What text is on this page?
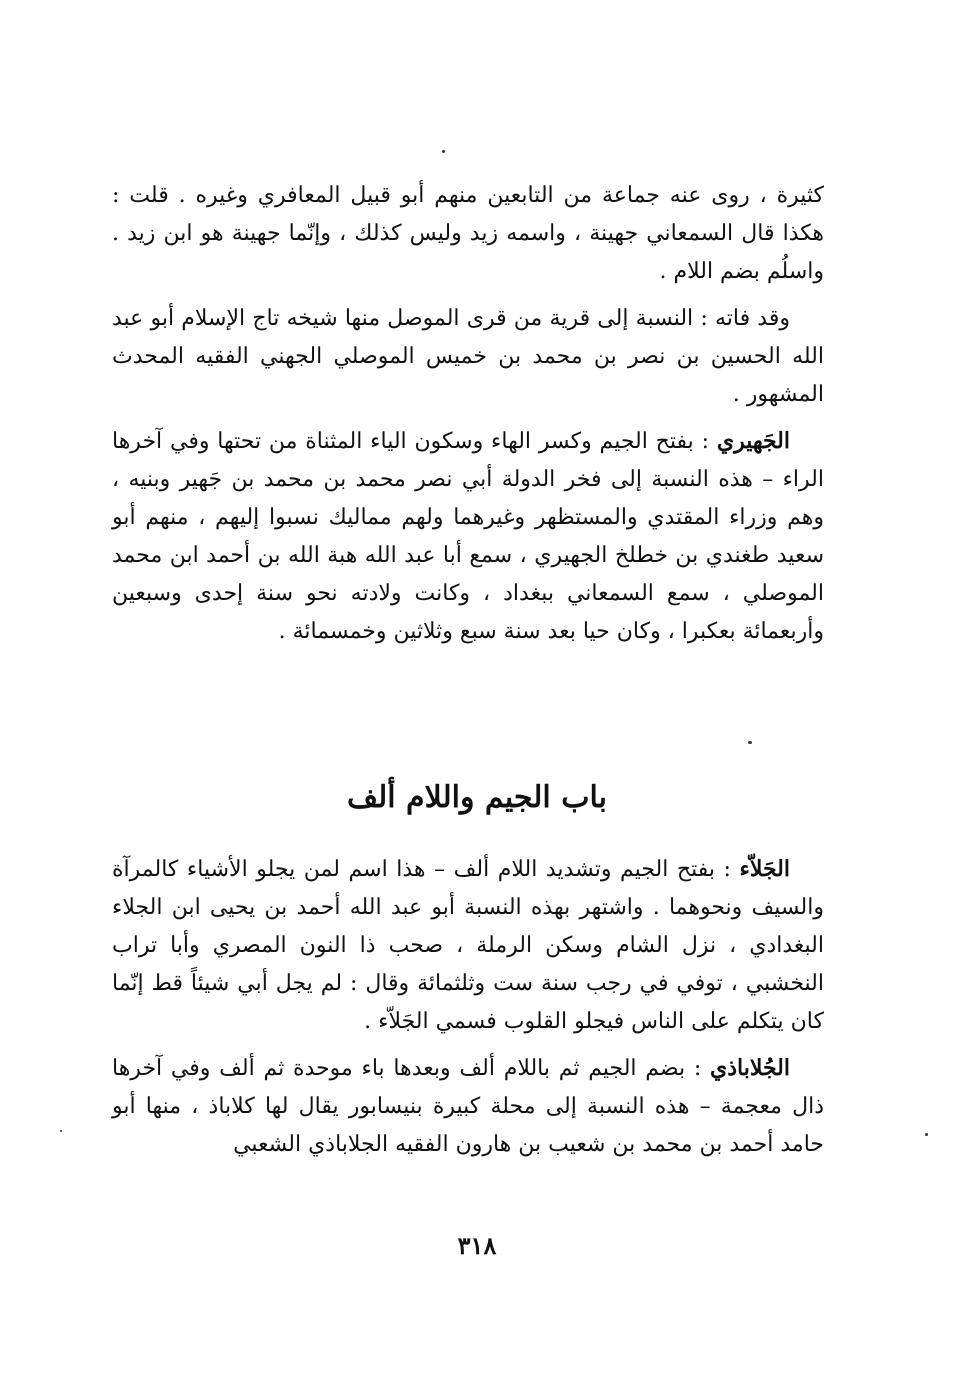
كثيرة ، روى عنه جماعة من التابعين منهم أبو قبيل المعافري وغيره . قلت : هكذا قال السمعاني جهينة ، واسمه زيد وليس كذلك ، وإنّما جهينة هو ابن زيد . واسلُم بضم اللام .

وقد فاته : النسبة إلى قرية من قرى الموصل منها شيخه تاج الإسلام أبو عبد الله الحسين بن نصر بن محمد بن خميس الموصلي الجهني الفقيه المحدث المشهور .

الجَهيري : بفتح الجيم وكسر الهاء وسكون الياء المثناة من تحتها وفي آخرها الراء – هذه النسبة إلى فخر الدولة أبي نصر محمد بن محمد بن جَهير وبنيه ، وهم وزراء المقتدي والمستظهر وغيرهما ولهم مماليك نسبوا إليهم ، منهم أبو سعيد طغندي بن خطلخ الجهيري ، سمع أبا عبد الله هبة الله بن أحمد ابن محمد الموصلي ، سمع السمعاني ببغداد ، وكانت ولادته نحو سنة إحدى وسبعين وأربعمائة بعكبرا ، وكان حيا بعد سنة سبع وثلاثين وخمسمائة .

باب الجيم واللام ألف

الجَلاّء : بفتح الجيم وتشديد اللام ألف – هذا اسم لمن يجلو الأشياء كالمرآة والسيف ونحوهما . واشتهر بهذه النسبة أبو عبد الله أحمد بن يحيى ابن الجلاء البغدادي ، نزل الشام وسكن الرملة ، صحب ذا النون المصري وأبا تراب النخشبي ، توفي في رجب سنة ست وثلثمائة وقال : لم يجل أبي شيئاً قط إنّما كان يتكلم على الناس فيجلو القلوب فسمي الجَلاّء .

الجُلاباذي : بضم الجيم ثم باللام ألف وبعدها باء موحدة ثم ألف وفي آخرها ذال معجمة – هذه النسبة إلى محلة كبيرة بنيسابور يقال لها كلاباذ ، منها أبو حامد أحمد بن محمد بن شعيب بن هارون الفقيه الجلاباذي الشعبي

٣١٨
